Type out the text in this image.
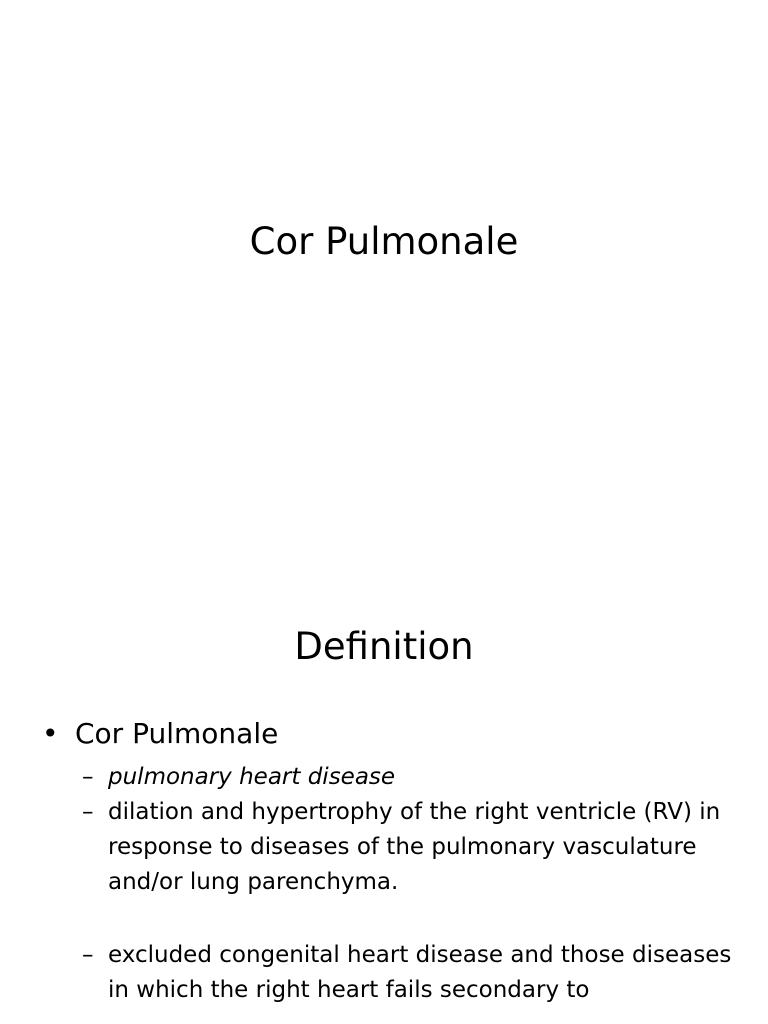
Cor Pulmonale
Definition
• Cor Pulmonale
– pulmonary heart disease
– dilation and hypertrophy of the right ventricle (RV) in response to diseases of the pulmonary vasculature and/or lung parenchyma.
– excluded congenital heart disease and those diseases in which the right heart fails secondary to
